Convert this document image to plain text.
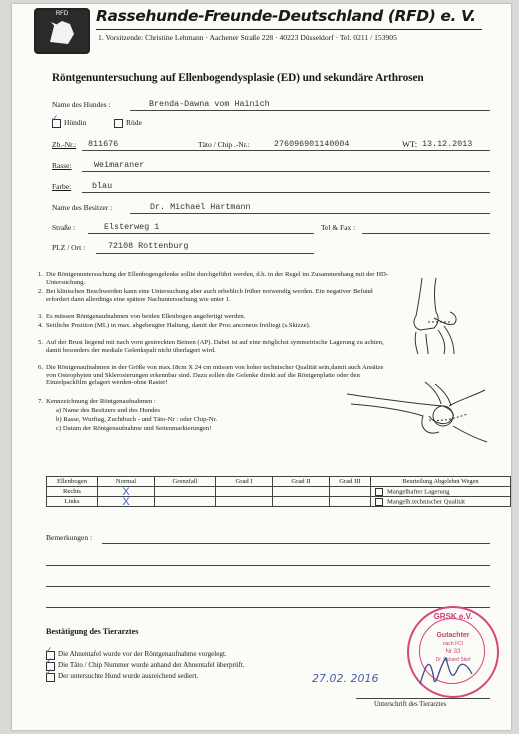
RFD	Rassehunde-Freunde-Deutschland (RFD) e. V.
1. Vorsitzende: Christine Lehmann · Aachener Straße 228 · 40223 Düsseldorf · Tel. 0211 / 153905
Röntgenuntersuchung auf Ellenbogendysplasie (ED) und sekundäre Arthrosen
Name des Hundes :	Brenda-Dawna vom Hainich
✓ Hündin	Rüde
Zb.-Nr.: 811676	Täto / Chip .-Nr.:	276096901140004	WT: 13.12.2013
Rasse:	Weimaraner
Farbe: blau
Name des Besitzer :	Dr. Michael Hartmann
Straße :	Elsterweg 1	Tel & Fax :
PLZ / Ort :	72108 Rottenburg
1. Die Röntgenuntersuchung der Ellenbogengelenke sollte durchgeführt werden, d.h. in der Regel im Zusammenhang mit der HD-Untersuchung.
2. Bei klinischen Beschwerden kann eine Untersuchung aber auch erheblich früher notwendig werden. Ein negativer Befund erfordert dann allerdings eine spätere Nachuntersuchung wie unter 1.
3. Es müssen Röntgenaufnahmen von beiden Ellenbogen angefertigt werden.
4. Seitliche Position (ML) in max. abgebeugter Haltung, damit der Proc.anconeus freiliegt (s.Skizze).
5. Auf der Brust liegend mit nach vorn gestreckten Beinen (AP). Dabei ist auf eine möglichst symmetrische Lagerung zu achten, damit besonders der mediale Gelenkspalt nicht überlagert wird.
6. Die Röntgenaufnahmen in der Größe von max.18cm X 24 cm müssen von hoher technischer Qualität sein,damit auch Ansätze von Osteophyten und Sklerosierungen erkennbar sind. Dazu sollen die Gelenke direkt auf die Röntgenplatte oder den Einzelpackfilm gelagert werden-ohne Raster!
7. Kennzeichnung der Röntgenaufnahmen :
a) Name des Besitzers und des Hundes
b) Rasse, Wurftag, Zuchtbuch - und Täto-Nr : oder Chip-Nr.
c) Datum der Röntgenaufnahme und Seitenmarkierungen!
Ellenbogen	Normal	Grenzfall	Grad I	Grad II	Grad III	Beurteilung Abgelehnt Wegen
Rechts	X					Mangelhafter Lagerung
Links	X					Mangelh.technischer Qualität
Bemerkungen :
Bestätigung des Tierarztes
✓ Die Ahnentafel wurde vor der Röntgenaufnahme vorgelegt.
✓ Die Täto / Chip Nummer wurde anhand der Ahnentafel überprüft.
✓ Der untersuchte Hund wurde ausreichend sediert.	27.02. 2016
GRSK e.V.
Gutachter
nach FCI
Nr 33
Dr. Eckard Stief
Unterschrift des Tierarztes
